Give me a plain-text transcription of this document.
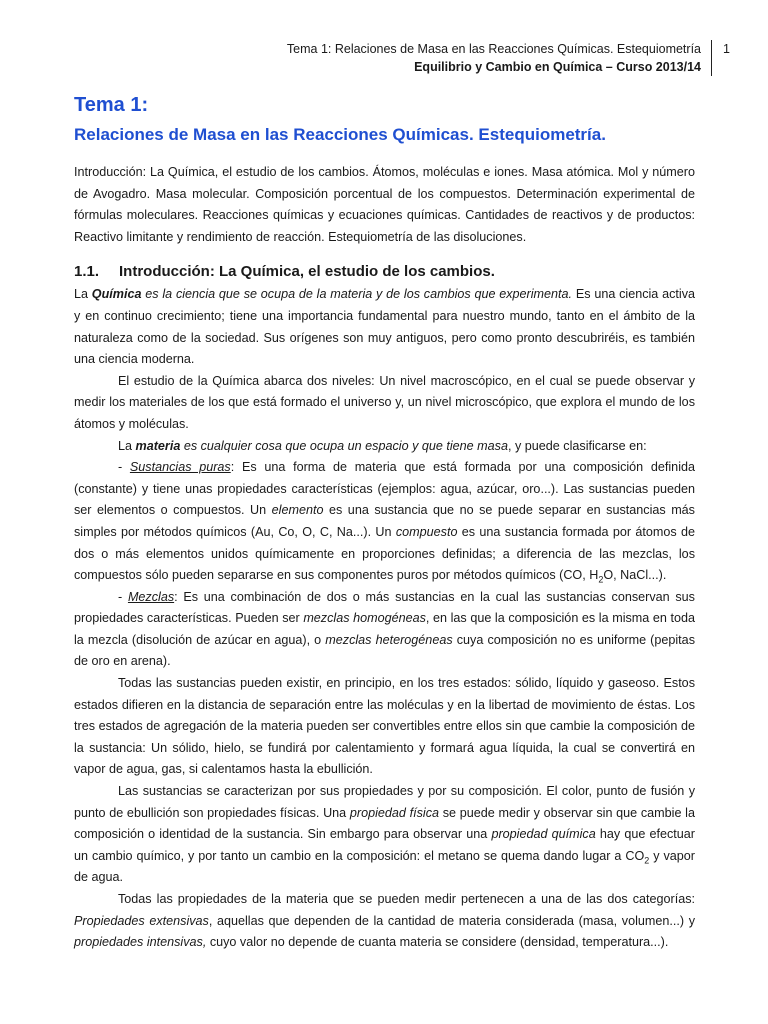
Tema 1: Relaciones de Masa en las Reacciones Químicas. Estequiometría
Equilibrio y Cambio en Química – Curso 2013/14
1
Tema 1:
Relaciones de Masa en las Reacciones Químicas. Estequiometría.

Introducción: La Química, el estudio de los cambios. Átomos, moléculas e iones. Masa atómica. Mol y número de Avogadro. Masa molecular. Composición porcentual de los compuestos. Determinación experimental de fórmulas moleculares. Reacciones químicas y ecuaciones químicas. Cantidades de reactivos y de productos: Reactivo limitante y rendimiento de reacción. Estequiometría de las disoluciones.

1.1.	Introducción: La Química, el estudio de los cambios.

La Química es la ciencia que se ocupa de la materia y de los cambios que experimenta. Es una ciencia activa y en continuo crecimiento; tiene una importancia fundamental para nuestro mundo, tanto en el ámbito de la naturaleza como de la sociedad. Sus orígenes son muy antiguos, pero como pronto descubriréis, es también una ciencia moderna.

El estudio de la Química abarca dos niveles: Un nivel macroscópico, en el cual se puede observar y medir los materiales de los que está formado el universo y, un nivel microscópico, que explora el mundo de los átomos y moléculas.

La materia es cualquier cosa que ocupa un espacio y que tiene masa, y puede clasificarse en:

- Sustancias puras: Es una forma de materia que está formada por una composición definida (constante) y tiene unas propiedades características (ejemplos: agua, azúcar, oro...). Las sustancias pueden ser elementos o compuestos. Un elemento es una sustancia que no se puede separar en sustancias más simples por métodos químicos (Au, Co, O, C, Na...). Un compuesto es una sustancia formada por átomos de dos o más elementos unidos químicamente en proporciones definidas; a diferencia de las mezclas, los compuestos sólo pueden separarse en sus componentes puros por métodos químicos (CO, $H_2O$, NaCl...).

- Mezclas: Es una combinación de dos o más sustancias en la cual las sustancias conservan sus propiedades características. Pueden ser mezclas homogéneas, en las que la composición es la misma en toda la mezcla (disolución de azúcar en agua), o mezclas heterogéneas cuya composición no es uniforme (pepitas de oro en arena).

Todas las sustancias pueden existir, en principio, en los tres estados: sólido, líquido y gaseoso. Estos estados difieren en la distancia de separación entre las moléculas y en la libertad de movimiento de éstas. Los tres estados de agregación de la materia pueden ser convertibles entre ellos sin que cambie la composición de la sustancia: Un sólido, hielo, se fundirá por calentamiento y formará agua líquida, la cual se convertirá en vapor de agua, gas, si calentamos hasta la ebullición.

Las sustancias se caracterizan por sus propiedades y por su composición. El color, punto de fusión y punto de ebullición son propiedades físicas. Una propiedad física se puede medir y observar sin que cambie la composición o identidad de la sustancia. Sin embargo para observar una propiedad química hay que efectuar un cambio químico, y por tanto un cambio en la composición: el metano se quema dando lugar a $CO_2$ y vapor de agua.

Todas las propiedades de la materia que se pueden medir pertenecen a una de las dos categorías: Propiedades extensivas, aquellas que dependen de la cantidad de materia considerada (masa, volumen...) y propiedades intensivas, cuyo valor no depende de cuanta materia se considere (densidad, temperatura...).
